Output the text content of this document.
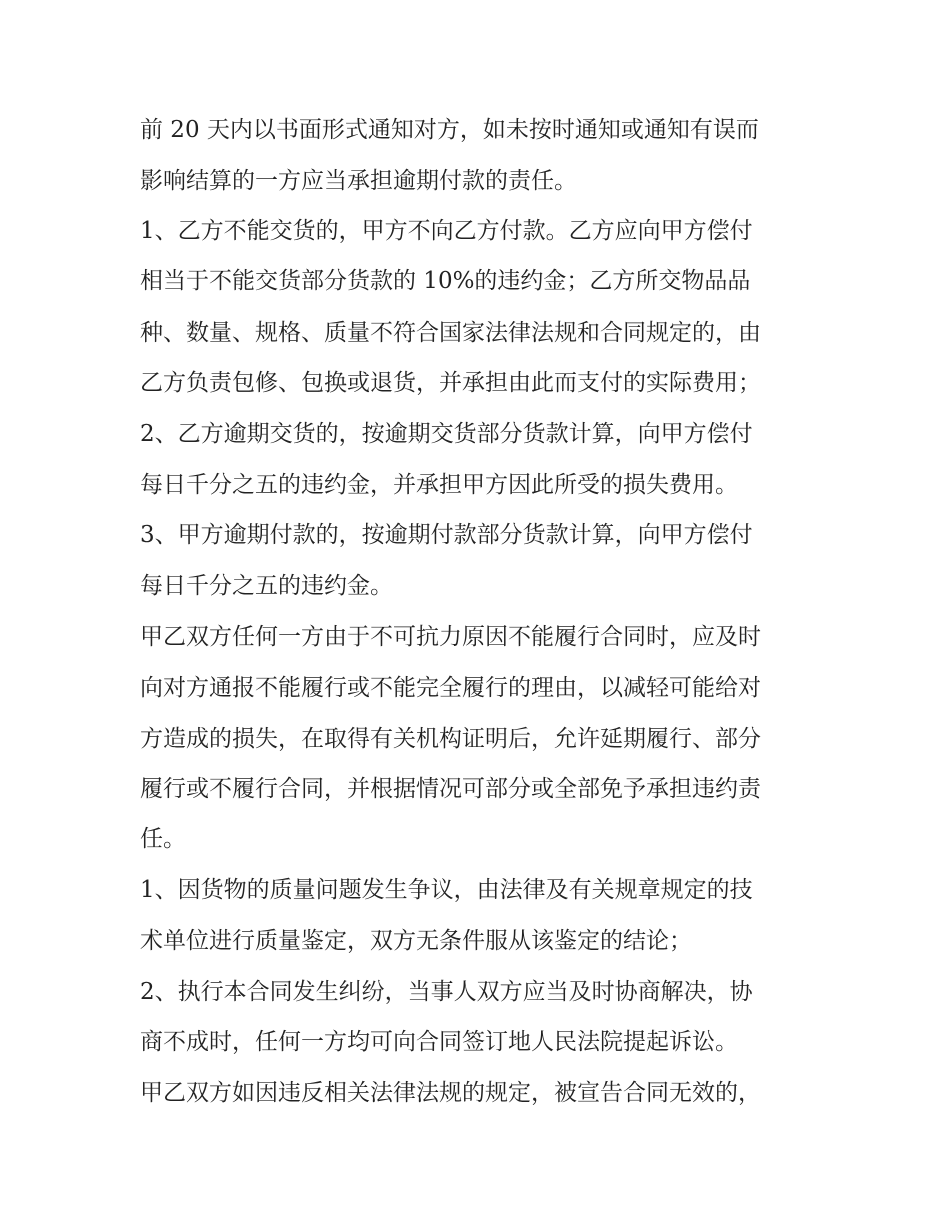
前 20 天内以书面形式通知对方，如未按时通知或通知有误而
影响结算的一方应当承担逾期付款的责任。
1、乙方不能交货的，甲方不向乙方付款。乙方应向甲方偿付
相当于不能交货部分货款的 10%的违约金；乙方所交物品品
种、数量、规格、质量不符合国家法律法规和合同规定的，由
乙方负责包修、包换或退货，并承担由此而支付的实际费用；
2、乙方逾期交货的，按逾期交货部分货款计算，向甲方偿付
每日千分之五的违约金，并承担甲方因此所受的损失费用。
3、甲方逾期付款的，按逾期付款部分货款计算，向甲方偿付
每日千分之五的违约金。
甲乙双方任何一方由于不可抗力原因不能履行合同时，应及时
向对方通报不能履行或不能完全履行的理由，以减轻可能给对
方造成的损失，在取得有关机构证明后，允许延期履行、部分
履行或不履行合同，并根据情况可部分或全部免予承担违约责
任。
1、因货物的质量问题发生争议，由法律及有关规章规定的技
术单位进行质量鉴定，双方无条件服从该鉴定的结论；
2、执行本合同发生纠纷，当事人双方应当及时协商解决，协
商不成时，任何一方均可向合同签订地人民法院提起诉讼。
甲乙双方如因违反相关法律法规的规定，被宣告合同无效的，
